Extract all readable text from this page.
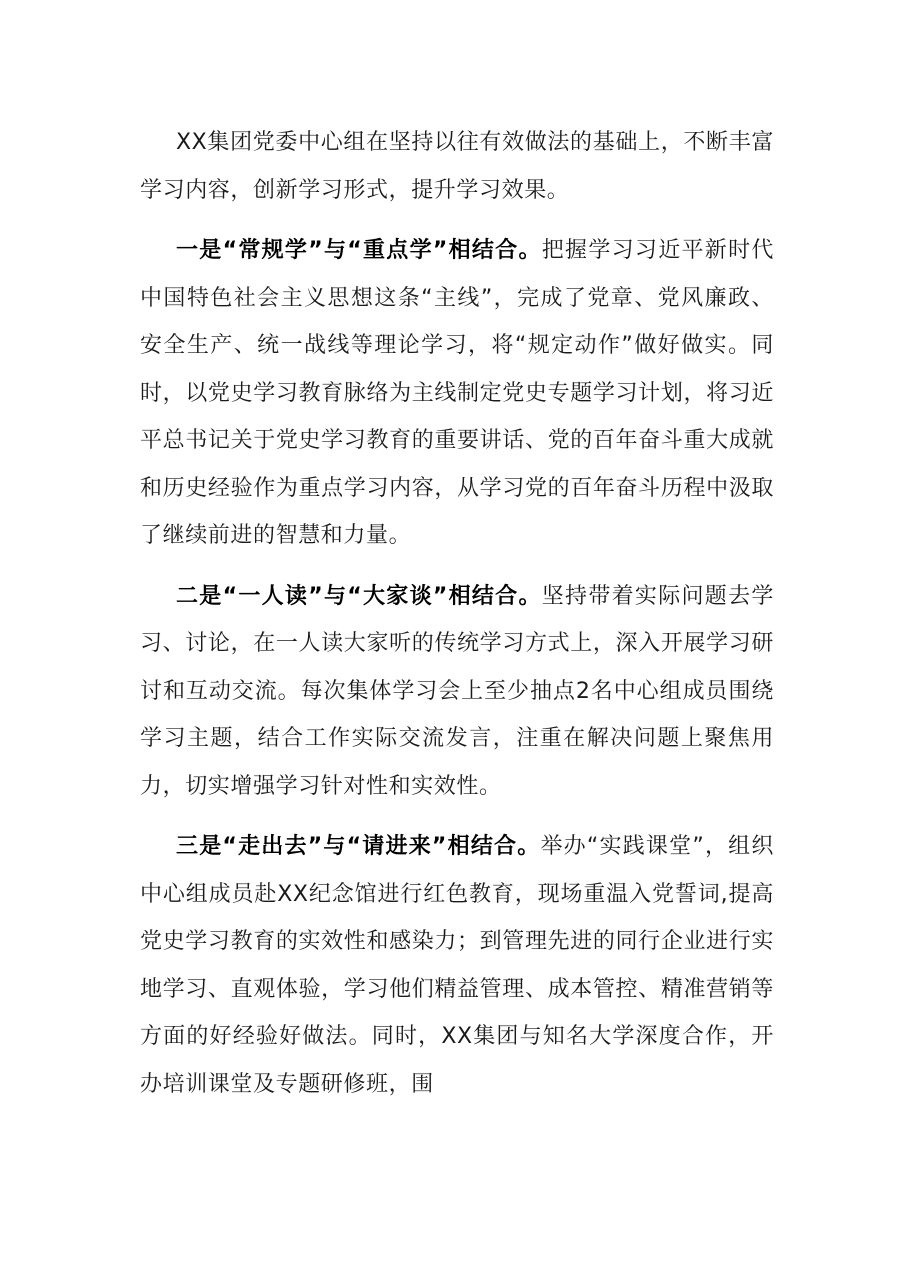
XX集团党委中心组在坚持以往有效做法的基础上，不断丰富学习内容，创新学习形式，提升学习效果。

一是“常规学”与“重点学”相结合。把握学习习近平新时代中国特色社会主义思想这条“主线”，完成了党章、党风廉政、安全生产、统一战线等理论学习，将“规定动作”做好做实。同时，以党史学习教育脉络为主线制定党史专题学习计划，将习近平总书记关于党史学习教育的重要讲话、党的百年奋斗重大成就和历史经验作为重点学习内容，从学习党的百年奋斗历程中汲取了继续前进的智慧和力量。

二是“一人读”与“大家谈”相结合。坚持带着实际问题去学习、讨论，在一人读大家听的传统学习方式上，深入开展学习研讨和互动交流。每次集体学习会上至少抽点2名中心组成员围绕学习主题，结合工作实际交流发言，注重在解决问题上聚焦用力，切实增强学习针对性和实效性。

三是“走出去”与“请进来”相结合。举办“实践课堂”，组织中心组成员赴XX纪念馆进行红色教育，现场重温入党誓词,提高党史学习教育的实效性和感染力；到管理先进的同行企业进行实地学习、直观体验，学习他们精益管理、成本管控、精准营销等方面的好经验好做法。同时，XX集团与知名大学深度合作，开办培训课堂及专题研修班，围
